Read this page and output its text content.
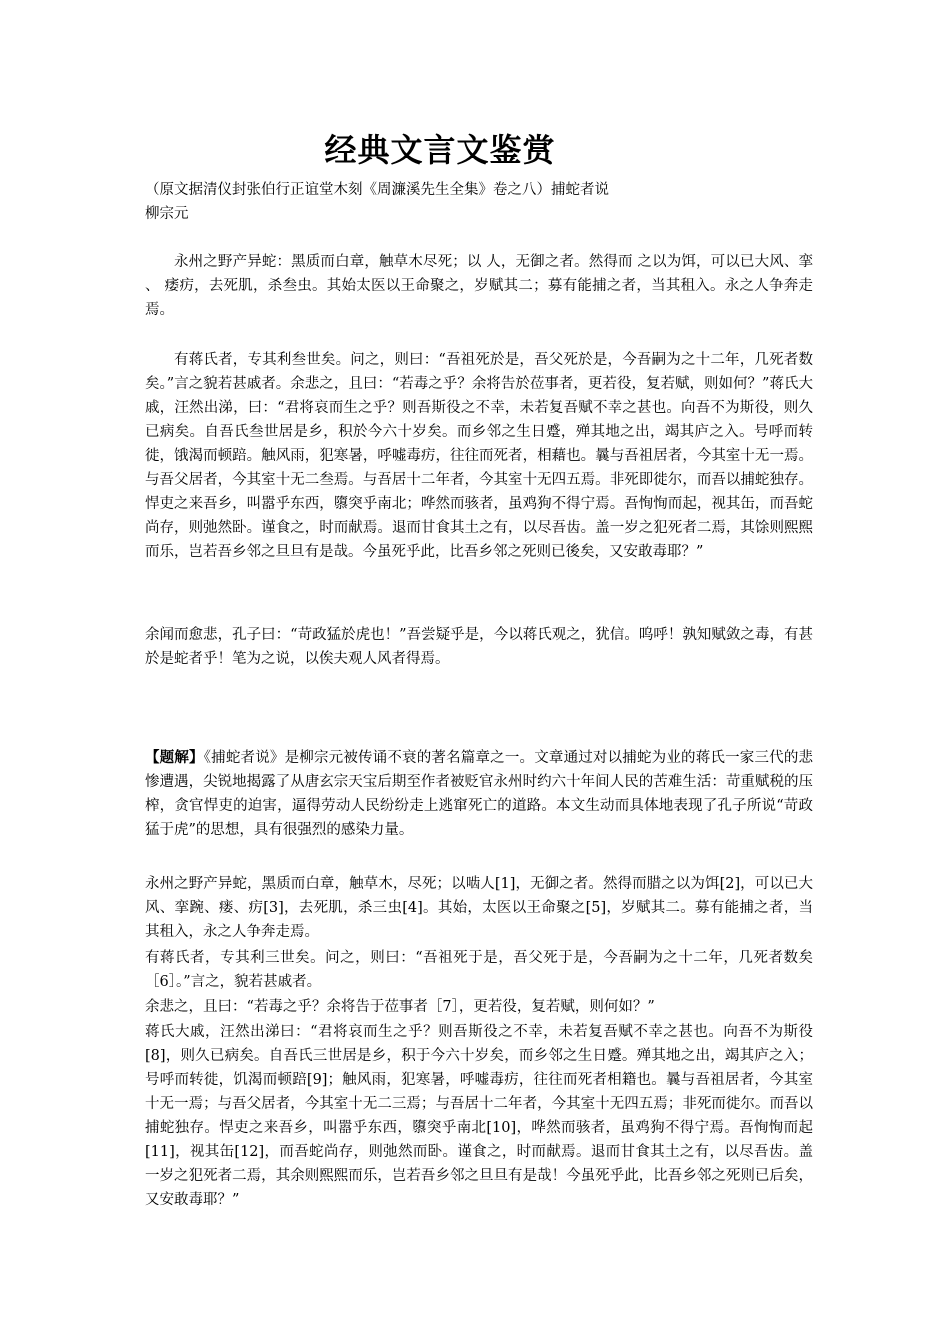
经典文言文鉴赏
（原文据清仪封张伯行正谊堂木刻《周濂溪先生全集》卷之八）捕蛇者说
柳宗元

永州之野产异蛇：黑质而白章，触草木尽死；以 人，无御之者。然得而 之以为饵，可以已大风、挛 、 痿疠，去死肌，杀叁虫。其始太医以王命聚之，岁赋其二；募有能捕之者，当其租入。永之人争奔走焉。

有蒋氏者，专其利叁世矣。问之，则曰：“吾祖死於是，吾父死於是，今吾嗣为之十二年，几死者数矣。”言之貌若甚戚者。余悲之，且曰：“若毒之乎？余将告於莅事者，更若役，复若赋，则如何？”蒋氏大戚，汪然出涕，曰：“君将哀而生之乎？则吾斯役之不幸，未若复吾赋不幸之甚也。向吾不为斯役，则久已病矣。自吾氏叁世居是乡，积於今六十岁矣。而乡邻之生日蹙，殚其地之出，竭其庐之入。号呼而转徙，饿渴而顿踣。触风雨，犯寒暑，呼嘘毒疠，往往而死者，相藉也。曩与吾祖居者，今其室十无一焉。与吾父居者，今其室十无二叁焉。与吾居十二年者，今其室十无四五焉。非死即徙尔，而吾以捕蛇独存。悍吏之来吾乡，叫嚣乎东西，隳突乎南北；哗然而骇者，虽鸡狗不得宁焉。吾恂恂而起，视其缶，而吾蛇尚存，则弛然卧。谨食之，时而献焉。退而甘食其土之有，以尽吾齿。盖一岁之犯死者二焉，其馀则熙熙而乐，岂若吾乡邻之旦旦有是哉。今虽死乎此，比吾乡邻之死则已後矣，又安敢毒耶？”

余闻而愈悲，孔子曰：“苛政猛於虎也！”吾尝疑乎是，今以蒋氏观之，犹信。呜呼！孰知赋敛之毒，有甚於是蛇者乎！笔为之说，以俟夫观人风者得焉。

【题解】《捕蛇者说》是柳宗元被传诵不衰的著名篇章之一。文章通过对以捕蛇为业的蒋氏一家三代的悲惨遭遇，尖锐地揭露了从唐玄宗天宝后期至作者被贬官永州时约六十年间人民的苦难生活：苛重赋税的压榨，贪官悍吏的迫害，逼得劳动人民纷纷走上逃窜死亡的道路。本文生动而具体地表现了孔子所说“苛政猛于虎”的思想，具有很强烈的感染力量。

永州之野产异蛇，黑质而白章，触草木，尽死；以啮人[1]，无御之者。然得而腊之以为饵[2]，可以已大风、挛踠、瘘、疠[3]，去死肌，杀三虫[4]。其始，太医以王命聚之[5]，岁赋其二。募有能捕之者，当其租入，永之人争奔走焉。

有蒋氏者，专其利三世矣。问之，则曰：“吾祖死于是，吾父死于是，今吾嗣为之十二年，几死者数矣［6］。”言之，貌若甚戚者。

余悲之，且曰：“若毒之乎？余将告于莅事者［7］，更若役，复若赋，则何如？”

蒋氏大戚，汪然出涕曰：“君将哀而生之乎？则吾斯役之不幸，未若复吾赋不幸之甚也。向吾不为斯役[8]，则久已病矣。自吾氏三世居是乡，积于今六十岁矣，而乡邻之生日蹙。殚其地之出，竭其庐之入；号呼而转徙，饥渴而顿踣[9]；触风雨，犯寒暑，呼嘘毒疠，往往而死者相籍也。曩与吾祖居者，今其室十无一焉；与吾父居者，今其室十无二三焉；与吾居十二年者，今其室十无四五焉；非死而徙尔。而吾以捕蛇独存。悍吏之来吾乡，叫嚣乎东西，隳突乎南北[10]，哗然而骇者，虽鸡狗不得宁焉。吾恂恂而起[11]，视其缶[12]，而吾蛇尚存，则弛然而卧。谨食之，时而献焉。退而甘食其土之有，以尽吾齿。盖一岁之犯死者二焉，其余则熙熙而乐，岂若吾乡邻之旦旦有是哉！今虽死乎此，比吾乡邻之死则已后矣，又安敢毒耶？”
